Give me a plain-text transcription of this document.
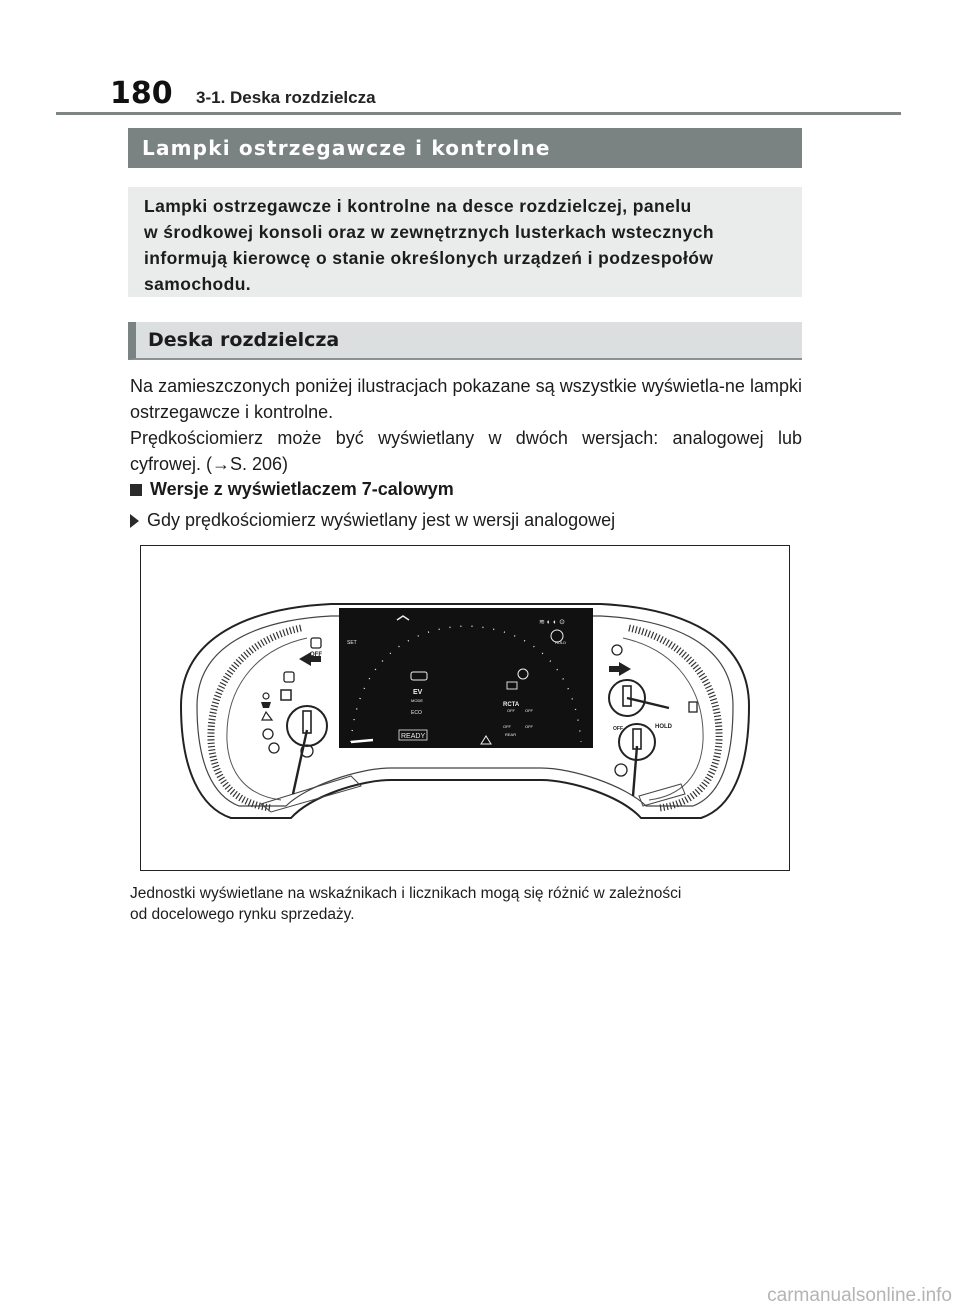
180	3-1. Deska rozdzielcza
Lampki ostrzegawcze i kontrolne
Lampki ostrzegawcze i kontrolne na desce rozdzielczej, panelu
w środkowej konsoli oraz w zewnętrznych lusterkach wstecznych
informują kierowcę o stanie określonych urządzeń i podzespołów
samochodu.
Deska rozdzielcza
Na zamieszczonych poniżej ilustracjach pokazane są wszystkie wyświetla-ne lampki ostrzegawcze i kontrolne.
Prędkościomierz może być wyświetlany w dwóch wersjach: analogowej lub cyfrowej. (→S. 206)
Wersje z wyświetlaczem 7-calowym
Gdy prędkościomierz wyświetlany jest w wersji analogowej
OFF
READY
EV
MODE
ECO
RCTA
OFF	OFF
OFF	OFF
REAR
HOLD
SET
≋ ◐ ◐ ⊙
HOLD
OFF
Jednostki wyświetlane na wskaźnikach i licznikach mogą się różnić w zależności
od docelowego rynku sprzedaży.
carmanualsonline.info
